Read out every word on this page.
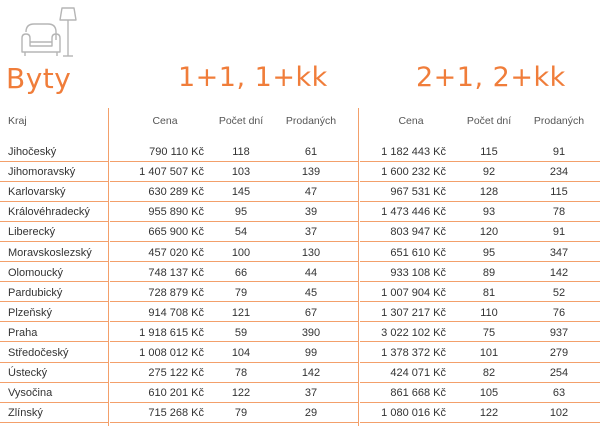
Byty	1+1, 1+kk	2+1, 2+kk
Kraj	Cena	Počet dní	Prodaných	Cena	Počet dní	Prodaných
Jihočeský	790 110 Kč	118	61	1 182 443 Kč	115	91
Jihomoravský	1 407 507 Kč	103	139	1 600 232 Kč	92	234
Karlovarský	630 289 Kč	145	47	967 531 Kč	128	115
Královéhradecký	955 890 Kč	95	39	1 473 446 Kč	93	78
Liberecký	665 900 Kč	54	37	803 947 Kč	120	91
Moravskoslezský	457 020 Kč	100	130	651 610 Kč	95	347
Olomoucký	748 137 Kč	66	44	933 108 Kč	89	142
Pardubický	728 879 Kč	79	45	1 007 904 Kč	81	52
Plzeňský	914 708 Kč	121	67	1 307 217 Kč	110	76
Praha	1 918 615 Kč	59	390	3 022 102 Kč	75	937
Středočeský	1 008 012 Kč	104	99	1 378 372 Kč	101	279
Ústecký	275 122 Kč	78	142	424 071 Kč	82	254
Vysočina	610 201 Kč	122	37	861 668 Kč	105	63
Zlínský	715 268 Kč	79	29	1 080 016 Kč	122	102
